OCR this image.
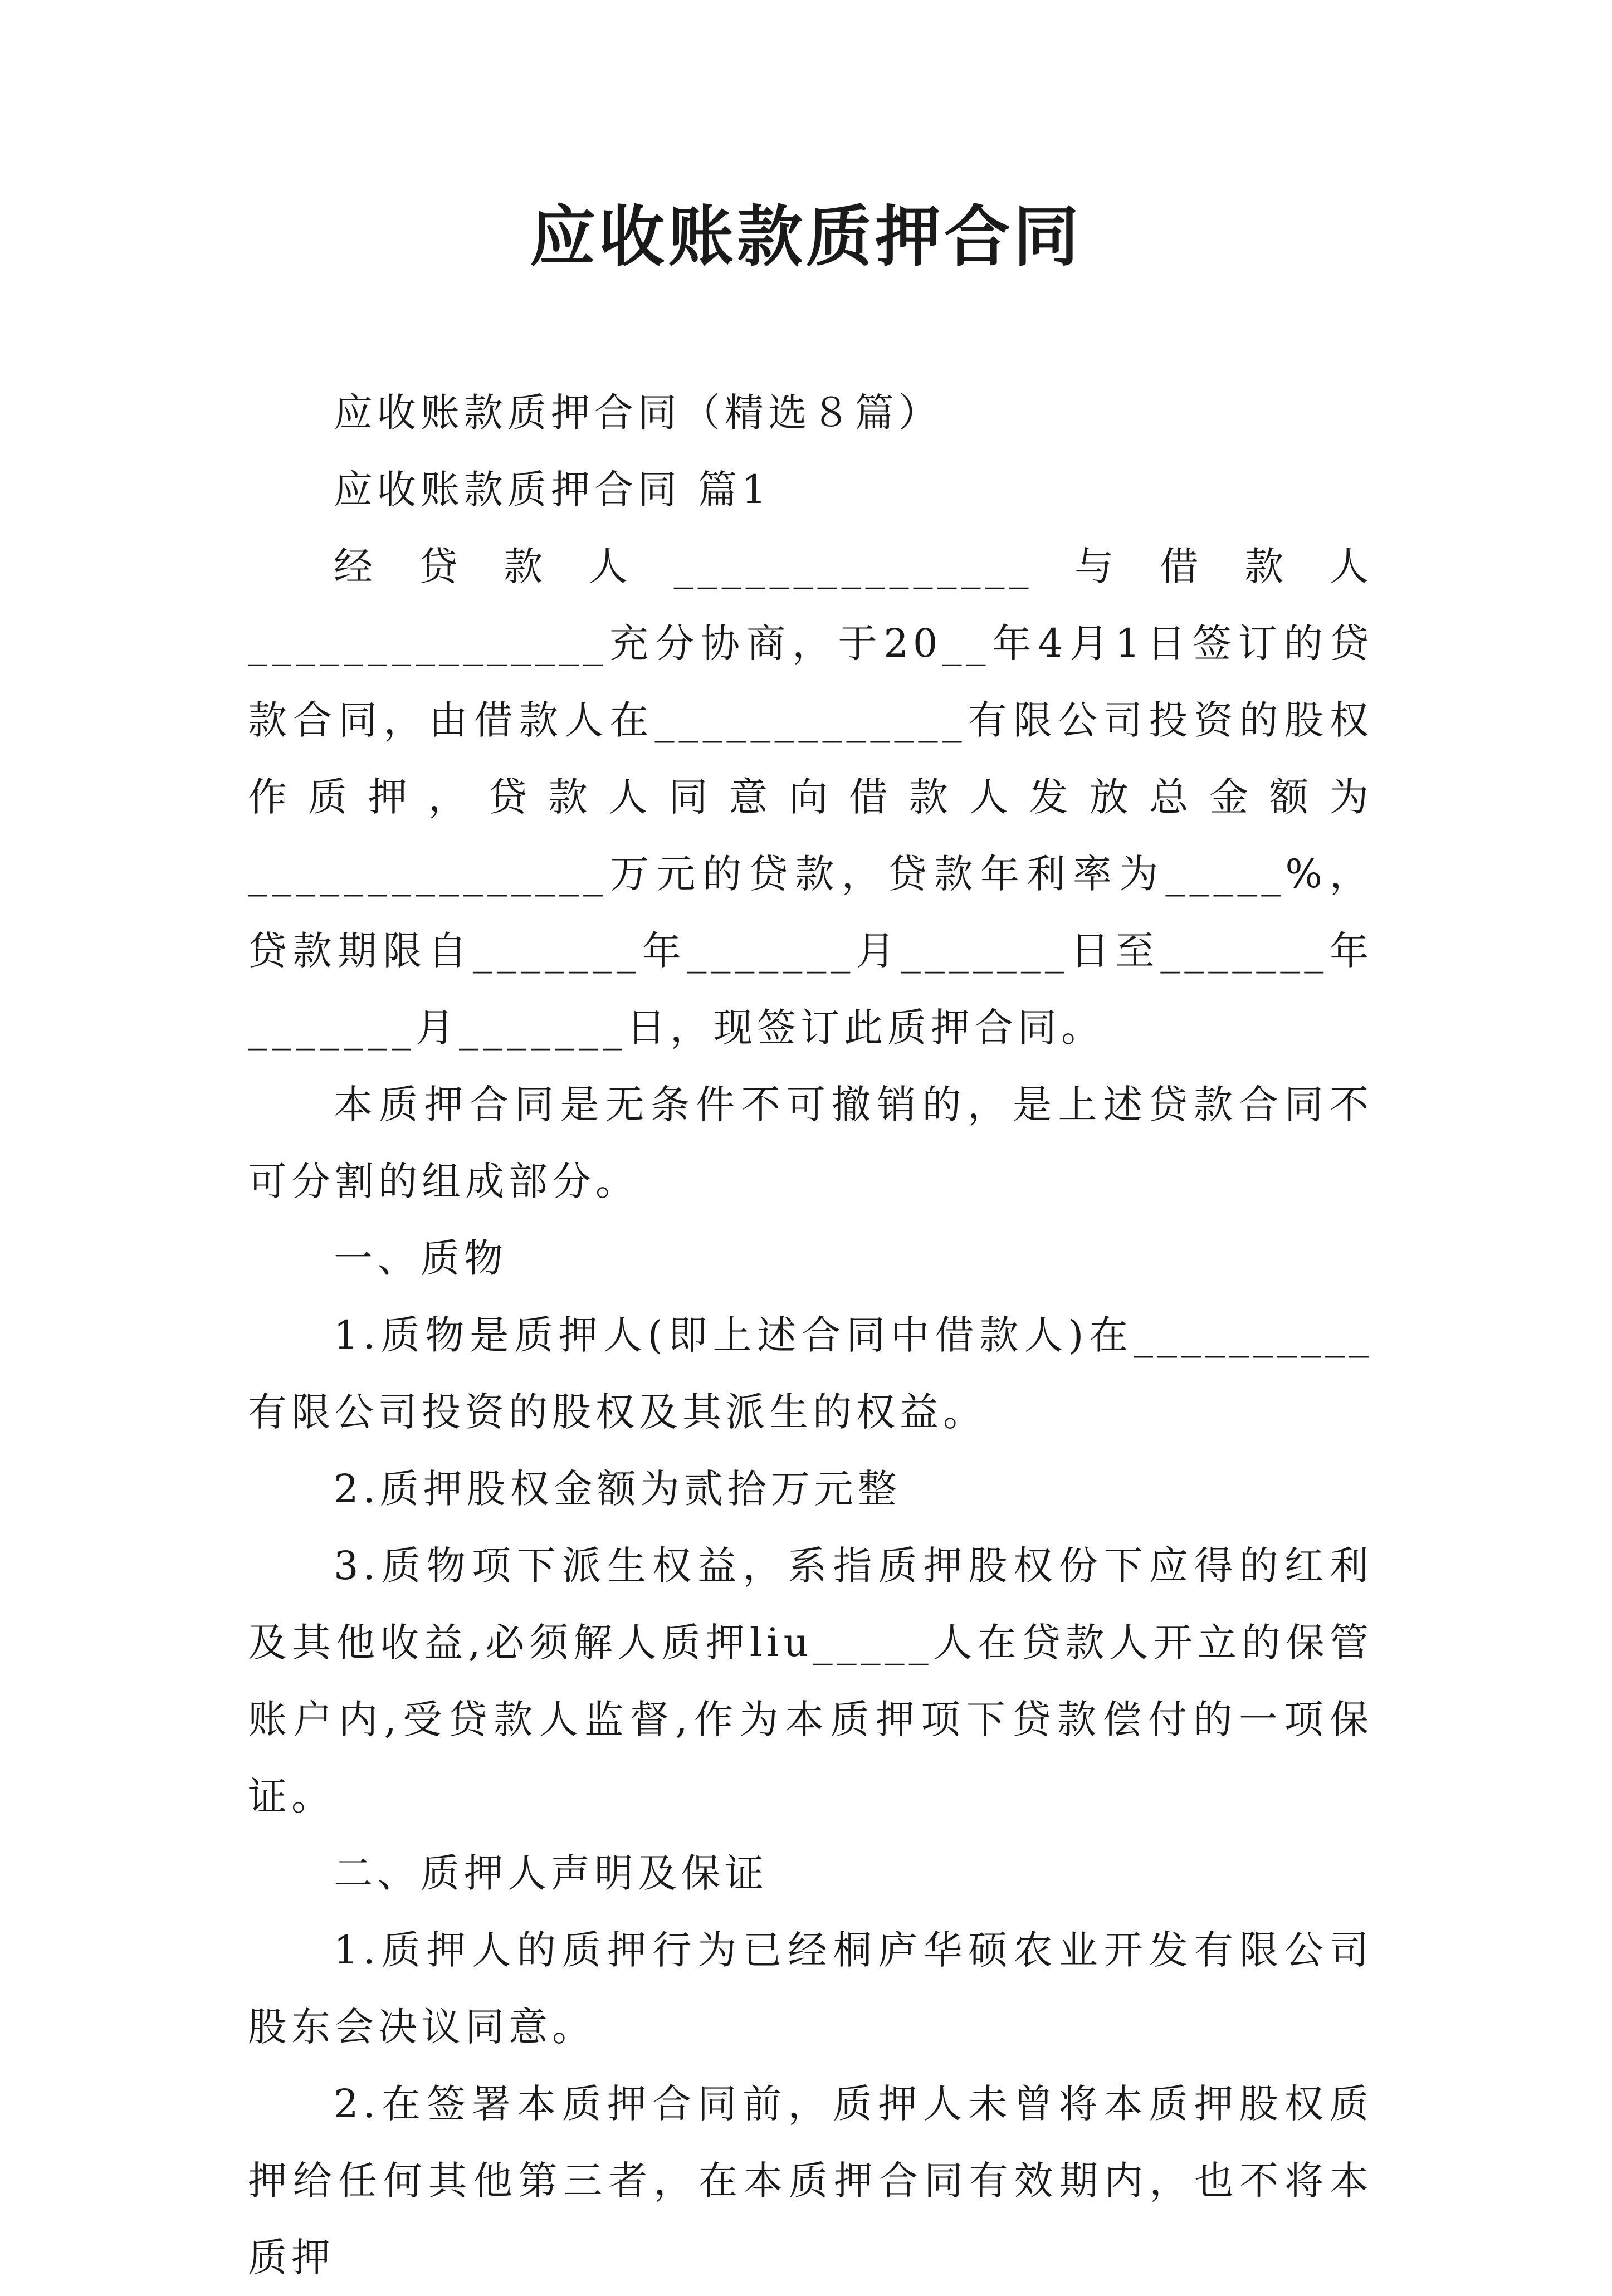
应收账款质押合同

应收账款质押合同（精选８篇）

应收账款质押合同 篇1

经贷款人_______________与借款人_______________充分协商，于20__年4月1日签订的贷款合同，由借款人在_____________有限公司投资的股权作质押，贷款人同意向借款人发放总金额为_______________万元的贷款，贷款年利率为_____%，贷款期限自_______年_______月_______日至_______年_______月_______日，现签订此质押合同。

本质押合同是无条件不可撤销的，是上述贷款合同不可分割的组成部分。

一、质物

1.质物是质押人(即上述合同中借款人)在__________有限公司投资的股权及其派生的权益。

2.质押股权金额为贰拾万元整

3.质物项下派生权益，系指质押股权份下应得的红利及其他收益,必须解人质押liu_____人在贷款人开立的保管账户内,受贷款人监督,作为本质押项下贷款偿付的一项保证。

二、质押人声明及保证

1.质押人的质押行为已经桐庐华硕农业开发有限公司股东会决议同意。

2.在签署本质押合同前，质押人未曾将本质押股权质押给任何其他第三者，在本质押合同有效期内，也不将本质押
